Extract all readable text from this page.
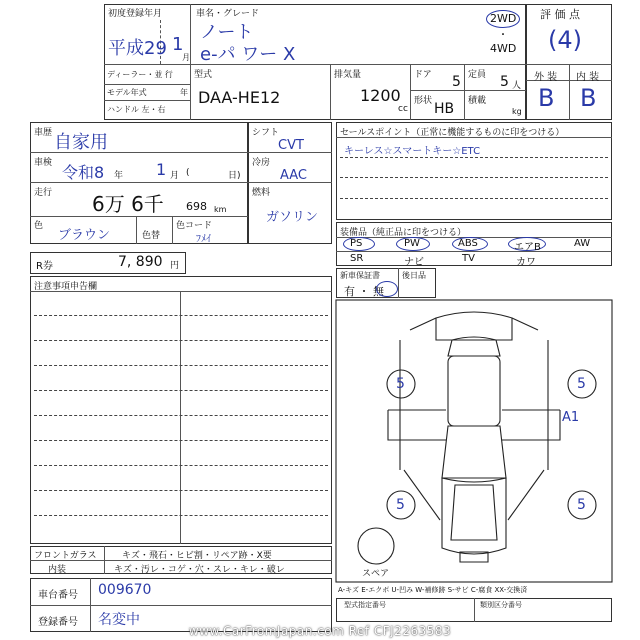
初度登録年月
平成29 1
月
車名・グレード
ノート
e-パ ワー X
2WD
・
4WD
評 価 点
(4)
外 装 内 装
B B
ディーラー・並 行
モデル年式	年
ハンドル 左・右
型式
DAA-HE12
排気量
1200
cc
ドア 5 定員 5 人
形状 HB 積載
kg
車歴 自家用
車検 令和8 年 1 月 (	日)
走行 6万 6千 698 km
色
ブラウン	色替
色コード
ﾌﾒｲ
シフト
CVT
冷房
AAC
燃料
ガソリン
R券	7, 890 円
セールスポイント（正常に機能するものに印をつける）
キーレス☆スマートキー☆ETC
装備品（純正品に印をつける）
PS	PW	ABS	エアB	AW
SR	ナビ	TV	カワ
新車保証書
有 ・ 無
後日品
注意事項申告欄
5	5
5	5
A1
スペア
フロントガラス	キズ・飛石・ヒビ割・リペア跡・X要
内装	キズ・汚レ・コゲ・穴・スレ・キレ・破レ
車台番号 009670
登録番号 名変中
A-キズ E-エクボ U-凹み W-補修跡 S-サビ C-腐食 XX-交換済
型式指定番号	類別区分番号
www.CarFromJapan.com Ref CFJ2263583
